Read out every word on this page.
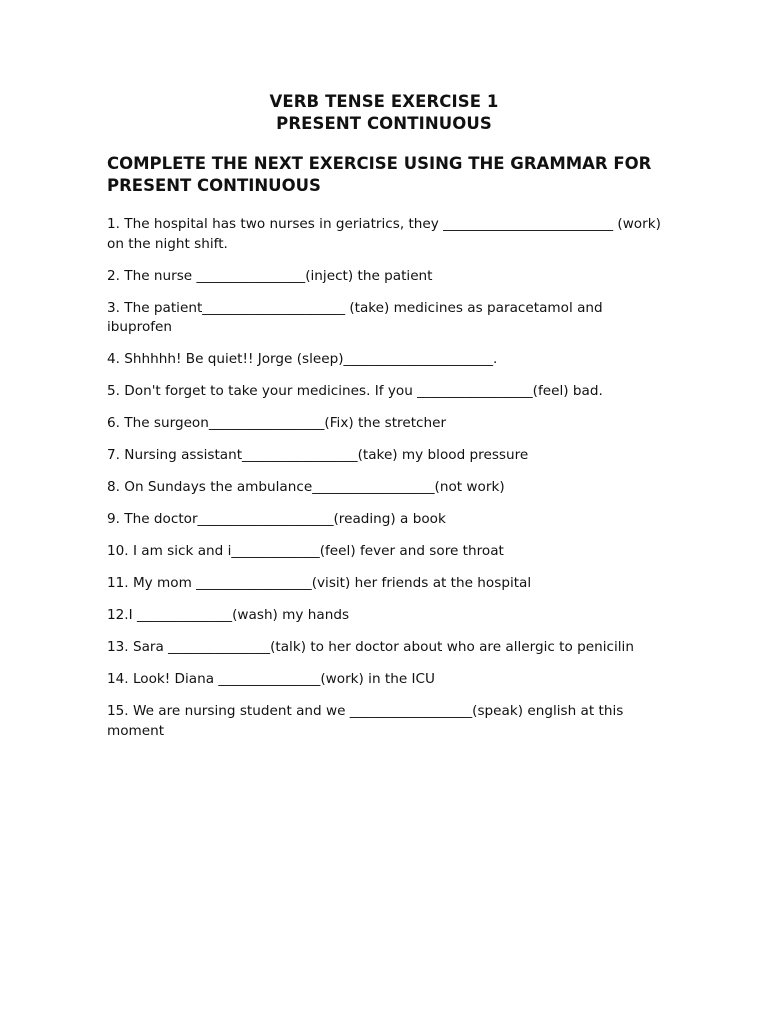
VERB TENSE EXERCISE 1
PRESENT CONTINUOUS

COMPLETE THE NEXT EXERCISE USING THE GRAMMAR FOR PRESENT CONTINUOUS

1. The hospital has two nurses in geriatrics, they _________________________ (work) on the night shift.
2. The nurse ________________(inject) the patient
3. The patient_____________________ (take) medicines as paracetamol and ibuprofen
4. Shhhhh! Be quiet!! Jorge (sleep)______________________.
5. Don't forget to take your medicines. If you _________________(feel) bad.
6. The surgeon_________________(Fix) the stretcher
7. Nursing assistant_________________(take) my blood pressure
8. On Sundays the ambulance__________________(not work)
9. The doctor____________________(reading) a book
10. I am sick and i_____________(feel) fever and sore throat
11. My mom _________________(visit) her friends at the hospital
12.I ______________(wash) my hands
13. Sara _______________(talk) to her doctor about who are allergic to penicilin
14. Look! Diana _______________(work) in the ICU
15. We are nursing student and we __________________(speak) english at this moment
